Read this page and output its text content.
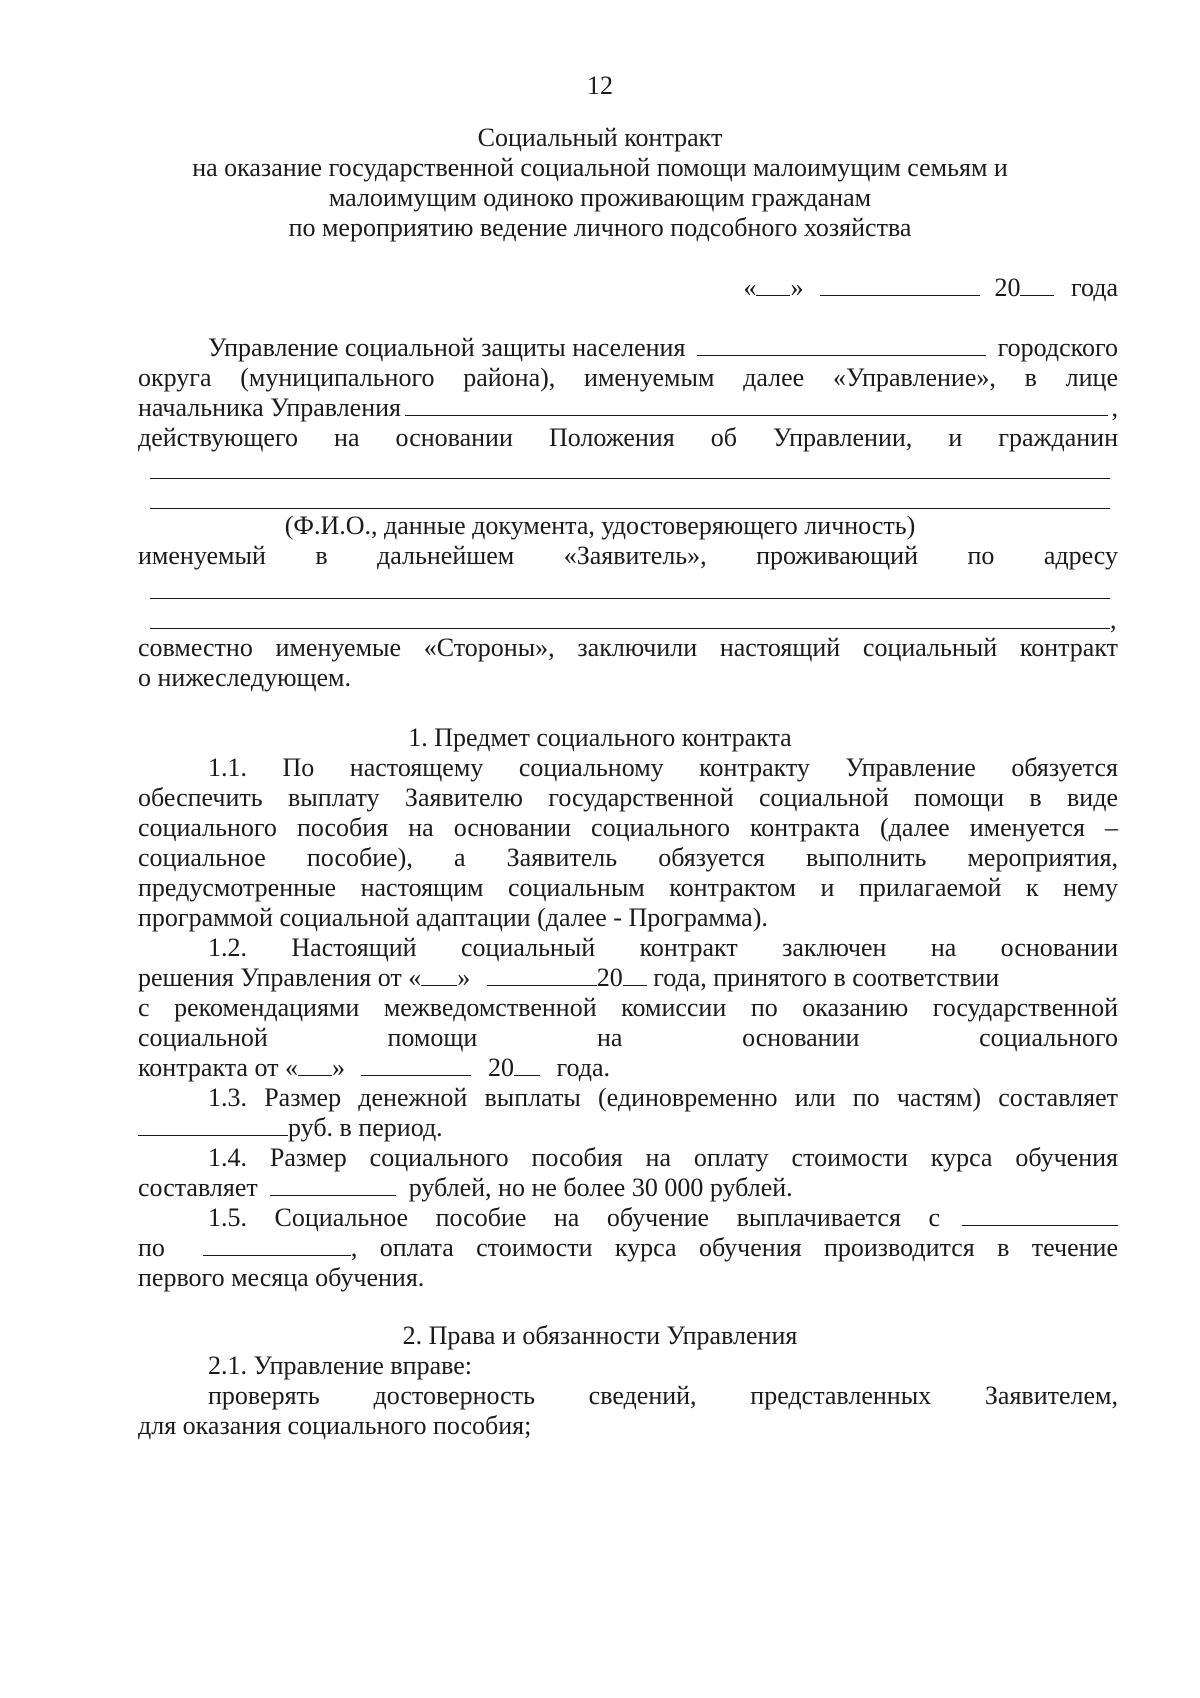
12
Социальный контракт
на оказание государственной социальной помощи малоимущим семьям и
малоимущим одиноко проживающим гражданам
по мероприятию ведение личного подсобного хозяйства
« »	20 года
Управление социальной защиты населения	городского
округа (муниципального района), именуемым далее «Управление», в лице
начальника Управления	,
действующего на основании Положения об Управлении, и гражданин
(Ф.И.О., данные документа, удостоверяющего личность)
именуемый в дальнейшем «Заявитель», проживающий по адресу
,
совместно именуемые «Стороны», заключили настоящий социальный контракт
о нижеследующем.
1. Предмет социального контракта
1.1. По настоящему социальному контракту Управление обязуется
обеспечить выплату Заявителю государственной социальной помощи в виде
социального пособия на основании социального контракта (далее именуется –
социальное пособие), а Заявитель обязуется выполнить мероприятия,
предусмотренные настоящим социальным контрактом и прилагаемой к нему
программой социальной адаптации (далее - Программа).
1.2. Настоящий социальный контракт заключен на основании
решения Управления от « »	20 года, принятого в соответствии
с рекомендациями межведомственной комиссии по оказанию государственной
социальной помощи на основании социального
контракта от « »	20 года.
1.3. Размер денежной выплаты (единовременно или по частям) составляет
руб. в период.
1.4. Размер социального пособия на оплату стоимости курса обучения
составляет	рублей, но не более 30 000 рублей.
1.5. Социальное пособие на обучение выплачивается с
по	, оплата стоимости курса обучения производится в течение
первого месяца обучения.
2. Права и обязанности Управления
2.1. Управление вправе:
проверять достоверность сведений, представленных Заявителем,
для оказания социального пособия;
